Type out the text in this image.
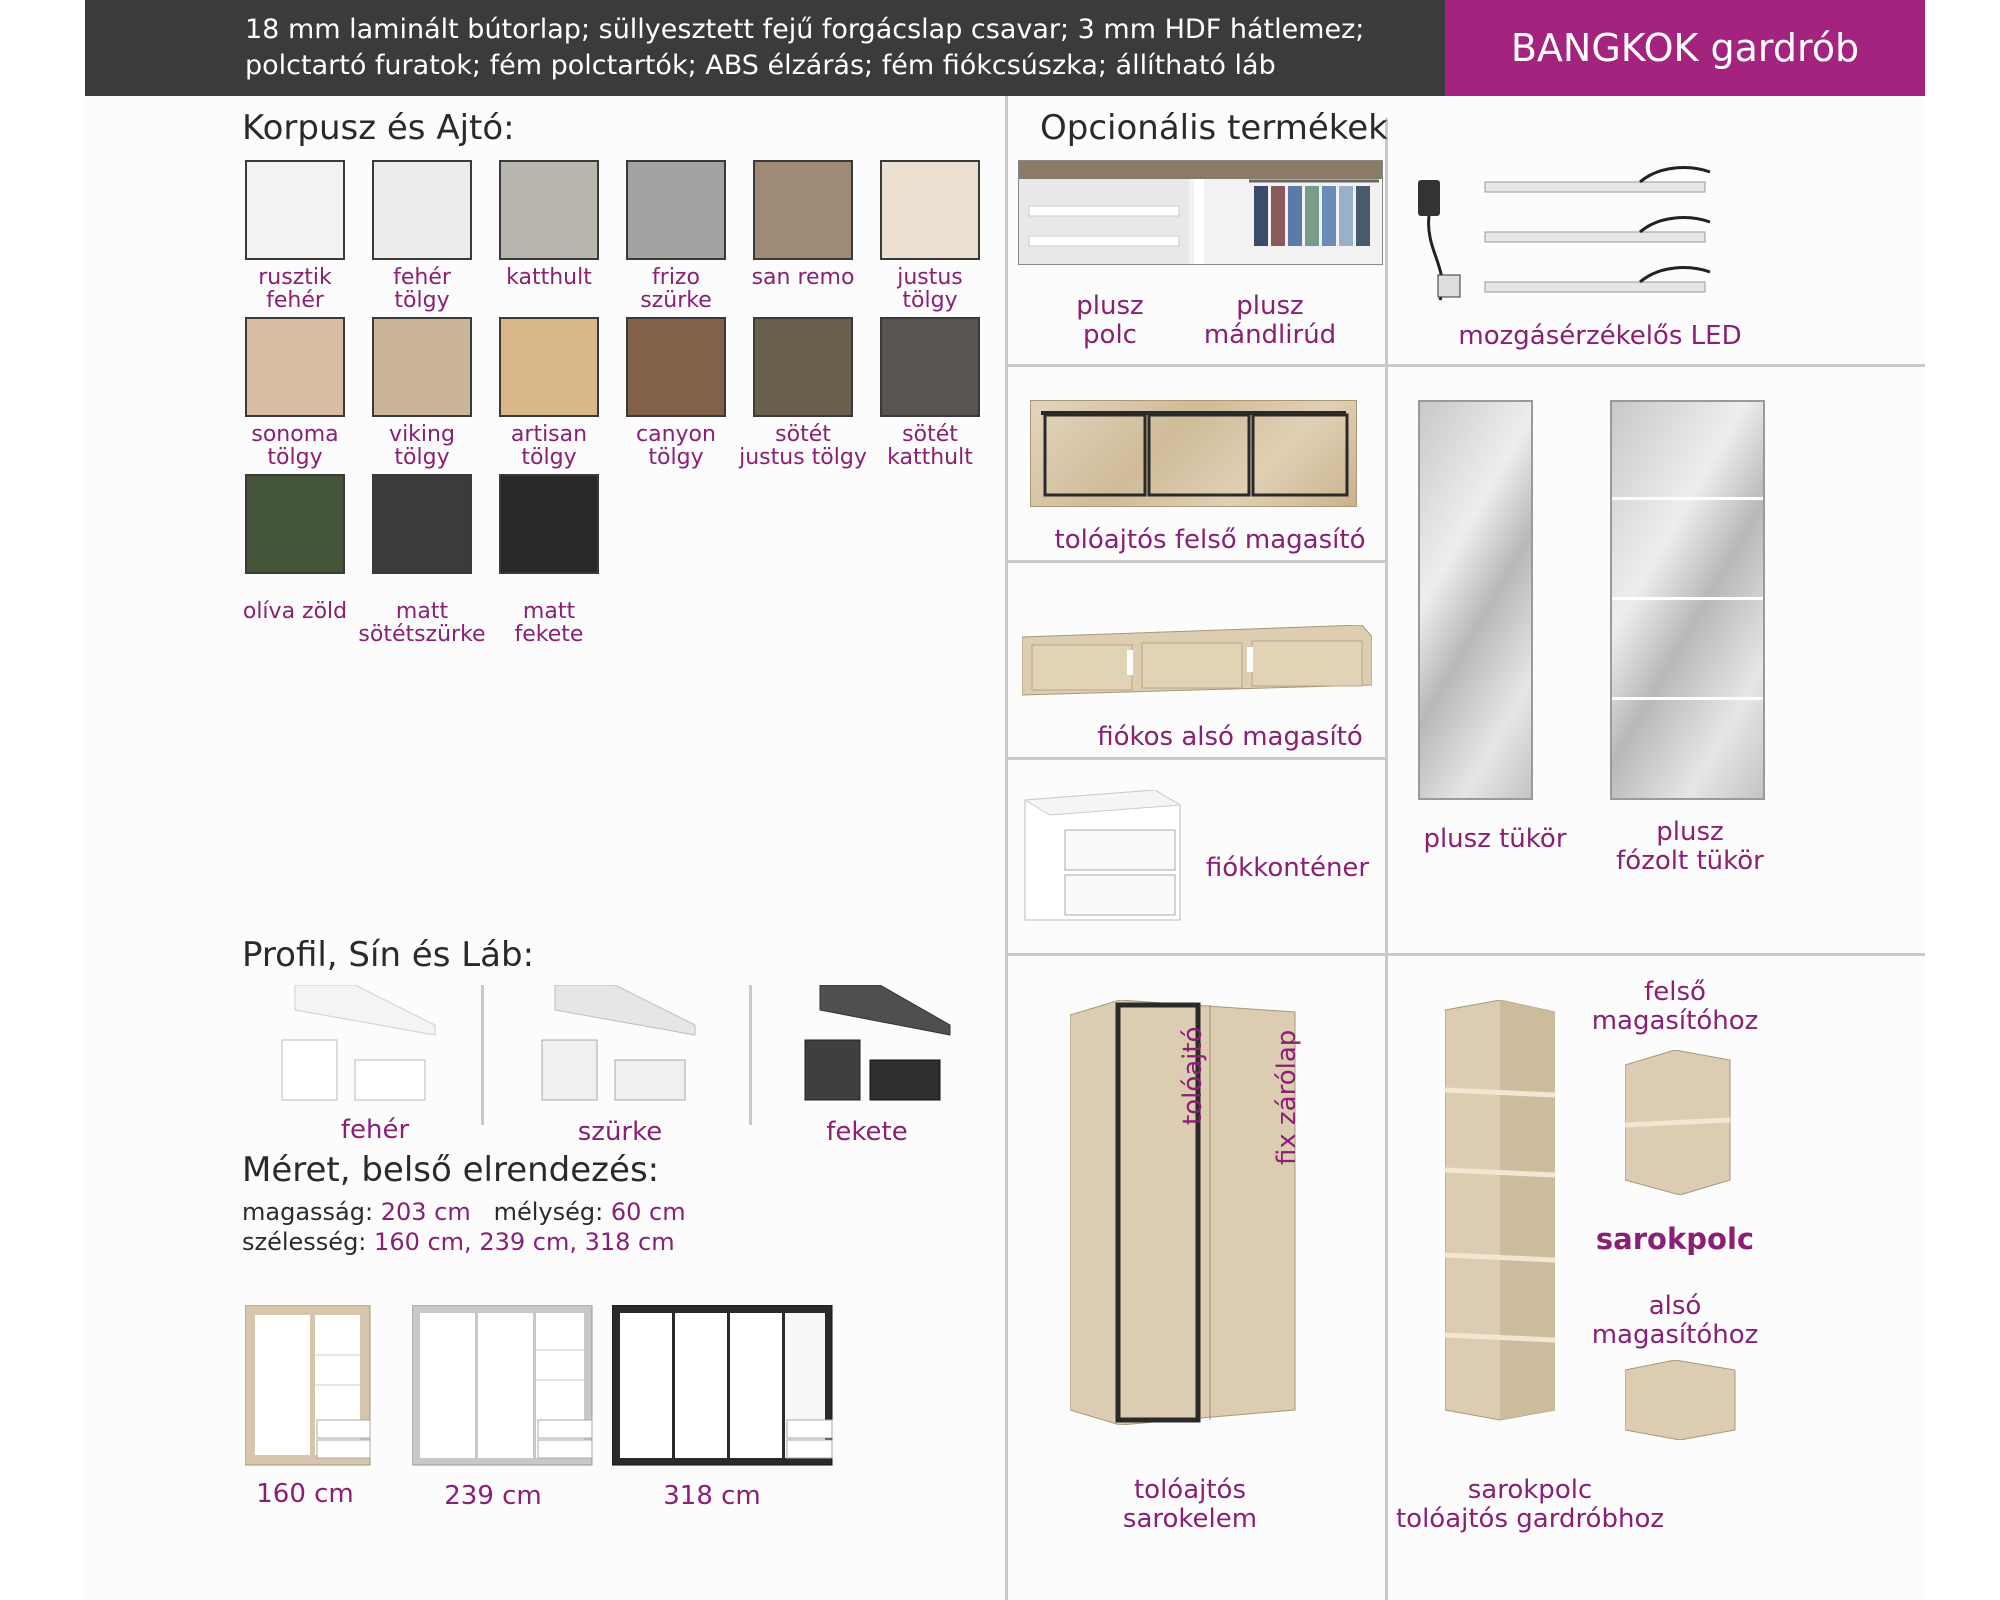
18 mm laminált bútorlap; süllyesztett fejű forgácslap csavar; 3 mm HDF hátlemez;
polctartó furatok; fém polctartók; ABS élzárás; fém fiókcsúszka; állítható láb	BANGKOK gardrób
Korpusz és Ajtó:
rusztik
fehér
fehér
tölgy
katthult	frizo
szürke
san remo	justus
tölgy
sonoma
tölgy
viking
tölgy
artisan
tölgy
canyon
tölgy
sötét
justus tölgy
sötét
katthult
olíva zöld	matt
sötétszürke
matt
fekete
Profil, Sín és Láb:
fehér	szürke	fekete
Méret, belső elrendezés:
magasság: 203 cm mélység: 60 cm
szélesség: 160 cm, 239 cm, 318 cm
160 cm	239 cm	318 cm
Opcionális termékek
plusz
polc
plusz
mándlirúd	mozgásérzékelős LED
tolóajtós felső magasító
fiókos alsó magasító
fiókkonténer
plusz tükör	plusz
fózolt tükör
tolóajtó fix zárólap
tolóajtós
sarokelem
sarokpolc
tolóajtós gardróbhoz
felső
magasítóhoz
sarokpolc
alsó
magasítóhoz
